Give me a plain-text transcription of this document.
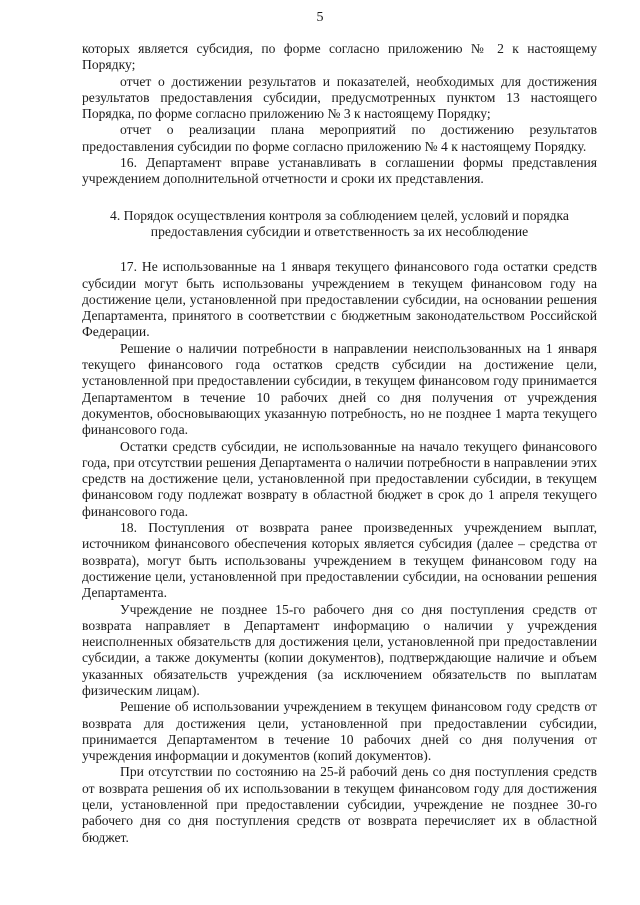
5

которых является субсидия, по форме согласно приложению № 2 к настоящему Порядку;

отчет о достижении результатов и показателей, необходимых для достижения результатов предоставления субсидии, предусмотренных пунктом 13 настоящего Порядка, по форме согласно приложению № 3 к настоящему Порядку;

отчет о реализации плана мероприятий по достижению результатов предоставления субсидии по форме согласно приложению № 4 к настоящему Порядку.

16. Департамент вправе устанавливать в соглашении формы представления учреждением дополнительной отчетности и сроки их представления.

4. Порядок осуществления контроля за соблюдением целей, условий и порядка предоставления субсидии и ответственность за их несоблюдение

17. Не использованные на 1 января текущего финансового года остатки средств субсидии могут быть использованы учреждением в текущем финансовом году на достижение цели, установленной при предоставлении субсидии, на основании решения Департамента, принятого в соответствии с бюджетным законодательством Российской Федерации.

Решение о наличии потребности в направлении неиспользованных на 1 января текущего финансового года остатков средств субсидии на достижение цели, установленной при предоставлении субсидии, в текущем финансовом году принимается Департаментом в течение 10 рабочих дней со дня получения от учреждения документов, обосновывающих указанную потребность, но не позднее 1 марта текущего финансового года.

Остатки средств субсидии, не использованные на начало текущего финансового года, при отсутствии решения Департамента о наличии потребности в направлении этих средств на достижение цели, установленной при предоставлении субсидии, в текущем финансовом году подлежат возврату в областной бюджет в срок до 1 апреля текущего финансового года.

18. Поступления от возврата ранее произведенных учреждением выплат, источником финансового обеспечения которых является субсидия (далее – средства от возврата), могут быть использованы учреждением в текущем финансовом году на достижение цели, установленной при предоставлении субсидии, на основании решения Департамента.

Учреждение не позднее 15-го рабочего дня со дня поступления средств от возврата направляет в Департамент информацию о наличии у учреждения неисполненных обязательств для достижения цели, установленной при предоставлении субсидии, а также документы (копии документов), подтверждающие наличие и объем указанных обязательств учреждения (за исключением обязательств по выплатам физическим лицам).

Решение об использовании учреждением в текущем финансовом году средств от возврата для достижения цели, установленной при предоставлении субсидии, принимается Департаментом в течение 10 рабочих дней со дня получения от учреждения информации и документов (копий документов).

При отсутствии по состоянию на 25-й рабочий день со дня поступления средств от возврата решения об их использовании в текущем финансовом году для достижения цели, установленной при предоставлении субсидии, учреждение не позднее 30-го рабочего дня со дня поступления средств от возврата перечисляет их в областной бюджет.
